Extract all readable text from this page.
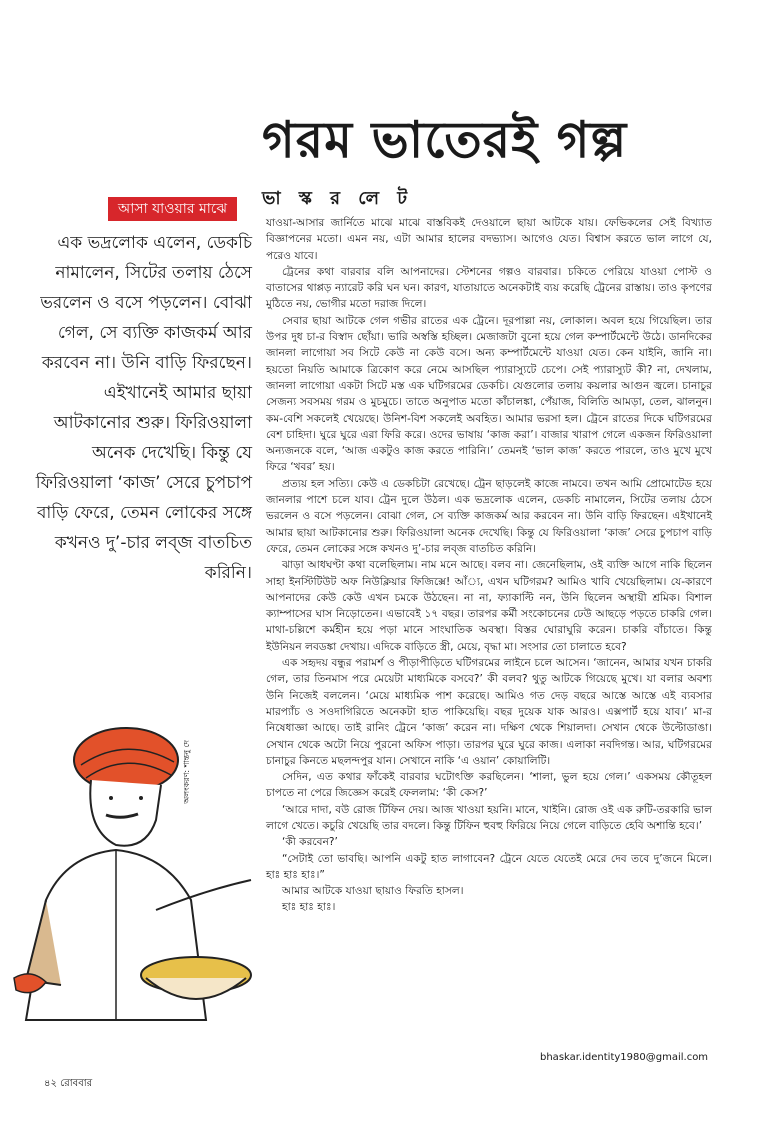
গরম ভাতেরই গল্প
আসা যাওয়ার মাঝে	ভা স্ক র লে ট

এক ভদ্রলোক এলেন, ডেকচি নামালেন, সিটের তলায় ঠেসে ভরলেন ও বসে পড়লেন। বোঝা গেল, সে ব্যক্তি কাজকর্ম আর করবেন না। উনি বাড়ি ফিরছেন। এইখানেই আমার ছায়া আটকানোর শুরু। ফিরিওয়ালা অনেক দেখেছি। কিন্তু যে ফিরিওয়ালা ‘কাজ’ সেরে চুপচাপ বাড়ি ফেরে, তেমন লোকের সঙ্গে কখনও দু’-চার লব্‌জ বাতচিত করিনি।

যাওয়া-আসার জার্নিতে মাঝে মাঝে বাস্তবিকই দেওয়ালে ছায়া আটকে যায়। ফেভিকলের সেই বিখ্যাত বিজ্ঞাপনের মতো। এমন নয়, এটা আমার হালের বদভ্যাস। আগেও যেত। বিশ্বাস করতে ভাল লাগে যে, পরেও যাবে।

ট্রেনের কথা বারবার বলি আপনাদের। স্টেশনের গল্পও বারবার। চকিতে পেরিয়ে যাওয়া পোস্ট ও বাতাসের থাপ্পড় ন্যারেট করি ঘন ঘন। কারণ, যাতায়াতে অনেকটাই ব্যয় করেছি ট্রেনের রাস্তায়। তাও কৃপণের মুঠিতে নয়, ভোগীর মতো দরাজ দিলে।

সেবার ছায়া আটকে গেল গভীর রাতের এক ট্রেনে। দূরপাল্লা নয়, লোকাল। অবল হয়ে গিয়েছিল। তার উপর দুধ চা-র বিস্বাদ ছোঁয়া। ভারি অস্বস্তি হচ্ছিল। মেজাজটা বুনো হয়ে গেল কম্পার্টমেন্টে উঠে। ডানদিকের জানলা লাগোয়া সব সিটে কেউ না কেউ বসে। অন্য কম্পার্টমেন্টে যাওয়া যেত। কেন যাইনি, জানি না। হয়তো নিয়তি আমাকে ত্রিকোণ করে নেমে আসছিল প্যারাস্যুটে চেপে। সেই প্যারাস্যুট কী? না, দেখলাম, জানলা লাগোয়া একটা সিটে মস্ত এক ঘটিগরমের ডেকচি। যেগুলোর তলায় কয়লার আগুন জ্বলে। চানাচুর সেজন্য সবসময় গরম ও মুচমুচে। তাতে অনুপাত মতো কাঁচালঙ্কা, পেঁয়াজ, বিলিতি আমড়া, তেল, ঝালনুন। কম-বেশি সকলেই খেয়েছে। উনিশ-বিশ সকলেই অবহিত। আমার ভরসা হল। ট্রেনে রাতের দিকে ঘটিগরমের বেশ চাহিদা। ঘুরে ঘুরে এরা ফিরি করে। ওদের ভাষায় ‘কাজ করা’। বাজার খারাপ গেলে একজন ফিরিওয়ালা অন্যজনকে বলে, ‘আজ একটুও কাজ করতে পারিনি।’ তেমনই ‘ভাল কাজ’ করতে পারলে, তাও মুখে মুখে ফিরে ‘খবর’ হয়।

প্রত্যয় হল সত্যি। কেউ এ ডেকচিটা রেখেছে। ট্রেন ছাড়লেই কাজে নামবে। তখন আমি প্রোমোটেড হয়ে জানলার পাশে চলে যাব। ট্রেন দুলে উঠল। এক ভদ্রলোক এলেন, ডেকচি নামালেন, সিটের তলায় ঠেসে ভরলেন ও বসে পড়লেন। বোঝা গেল, সে ব্যক্তি কাজকর্ম আর করবেন না। উনি বাড়ি ফিরছেন। এইখানেই আমার ছায়া আটকানোর শুরু। ফিরিওয়ালা অনেক দেখেছি। কিন্তু যে ফিরিওয়ালা ‘কাজ’ সেরে চুপচাপ বাড়ি ফেরে, তেমন লোকের সঙ্গে কখনও দু’-চার লব্‌জ বাতচিত করিনি।

ঝাড়া আধঘণ্টা কথা বলেছিলাম। নাম মনে আছে। বলব না। জেনেছিলাম, ওই ব্যক্তি আগে নাকি ছিলেন সাহা ইনস্টিটিউট অফ নিউক্লিয়ার ফিজিক্সে! আঁ্য, এখন ঘটিগরম? আমিও খাবি খেয়েছিলাম। যে-কারণে আপনাদের কেউ কেউ এখন চমকে উঠছেন। না না, ফ্যাকাল্টি নন, উনি ছিলেন অস্থায়ী শ্রমিক। বিশাল ক্যাম্পাসের ঘাস নিড়োতেন। এভাবেই ১৭ বছর। তারপর কর্মী সংকোচনের ঢেউ আছড়ে পড়তে চাকরি গেল। মাথা-চল্লিশে কর্মহীন হয়ে পড়া মানে সাংঘাতিক অবস্থা। বিস্তর ঘোরাঘুরি করেন। চাকরি বাঁচাতে। কিন্তু ইউনিয়ন লবডঙ্কা দেখায়। এদিকে বাড়িতে স্ত্রী, মেয়ে, বৃদ্ধা মা। সংসার তো চালাতে হবে?

এক সহৃদয় বন্ধুর পরামর্শ ও পীড়াপীড়িতে ঘটিগরমের লাইনে চলে আসেন। ‘জানেন, আমার যখন চাকরি গেল, তার তিনমাস পরে মেয়েটা মাধ্যমিকে বসবে?’ কী বলব? থুতু আটকে গিয়েছে মুখে। যা বলার অবশ্য উনি নিজেই বললেন। ‘মেয়ে মাধ্যমিক পাশ করেছে। আমিও গত দেড় বছরে আস্তে আস্তে এই ব্যবসার মারপ্যাঁচ ও সওদাগিরিতে অনেকটা হাত পাকিয়েছি। বছর দুয়েক যাক আরও। এক্সপার্ট হয়ে যাব।’ মা-র নিষেধাজ্ঞা আছে। তাই রানিং ট্রেনে ‘কাজ’ করেন না। দক্ষিণ থেকে শিয়ালদা। সেখান থেকে উল্টোডাঙা। সেখান থেকে অটো নিয়ে পুরনো অফিস পাড়া। তারপর ঘুরে ঘুরে কাজ। এলাকা নবদিগন্ত। আর, ঘটিগরমের চানাচুর কিনতে মছলন্দপুর যান। সেখানে নাকি ‘এ ওয়ান’ কোয়ালিটি।

সেদিন, এত কথার ফাঁকেই বারবার ঘটোৎক্তি করছিলেন। ‘শালা, ভুল হয়ে গেল।’ একসময় কৌতূহল চাপতে না পেরে জিজ্ঞেস করেই ফেললাম: ‘কী কেস?’

‘আরে দাদা, বউ রোজ টিফিন দেয়। আজ খাওয়া হয়নি। মানে, খাইনি। রোজ ওই এক রুটি-তরকারি ভাল লাগে খেতে। কচুরি খেয়েছি তার বদলে। কিন্তু টিফিন হুবহু ফিরিয়ে নিয়ে গেলে বাড়িতে হেবি অশান্তি হবে।’

‘কী করবেন?’

“সেটাই তো ভাবছি। আপনি একটু হাত লাগাবেন? ট্রেনে যেতে যেতেই মেরে দেব তবে দু’জনে মিলে। হাঃ হাঃ হাঃ।”

আমার আটকে যাওয়া ছায়াও ফিরতি হাসল।

হাঃ হাঃ হাঃ।

অলংকরণ: শান্তনু দে
bhaskar.identity1980@gmail.com
৪২ রোববার
